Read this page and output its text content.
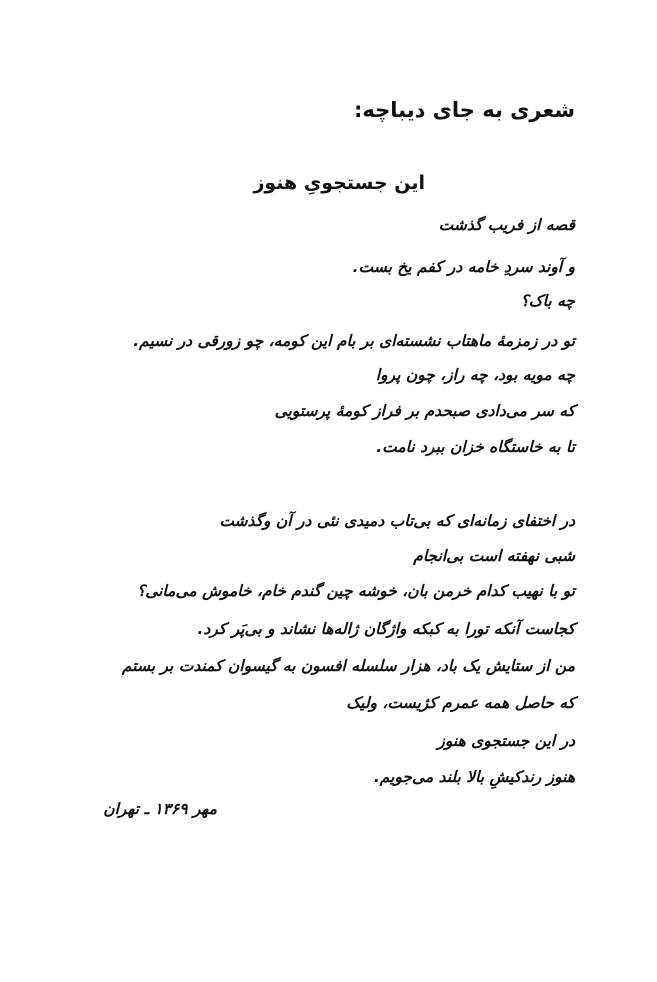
شعری به جای دیباچه:
این جستجویِ هنوز
قصه از فریب گذشت
و آوند سردِ خامه در کفم یخ بست.
چه باک؟
تو در زمزمهٔ ماهتاب نشسته‌ای بر بام این کومه، چو زورقی در نسیم.
چه مویه بود، چه راز، چون پروا
که سر می‌دادی صبحدم بر فراز کومهٔ پرستویی
تا به خاستگاه خزان ببرد نامت.
در اختفای زمانه‌ای که بی‌تاب دمیدی نئی در آن وگذشت
شبی نهفته است بی‌انجام
تو با نهیب کدام خرمن بان، خوشه چین گندم خام، خاموش می‌مانی؟
کجاست آنکه تورا به کبکه واژگان ژاله‌ها نشاند و بی‌پَر کرد.
من از ستایش یک باد، هزار سلسله افسون به گیسوان کمندت بر بستم
که حاصل همه عمرم کژیست، ولیک
در این جستجوی هنوز
هنوز رندکیشِ بالا بلند می‌جویم.
مهر ۱۳۶۹ ـ تهران
